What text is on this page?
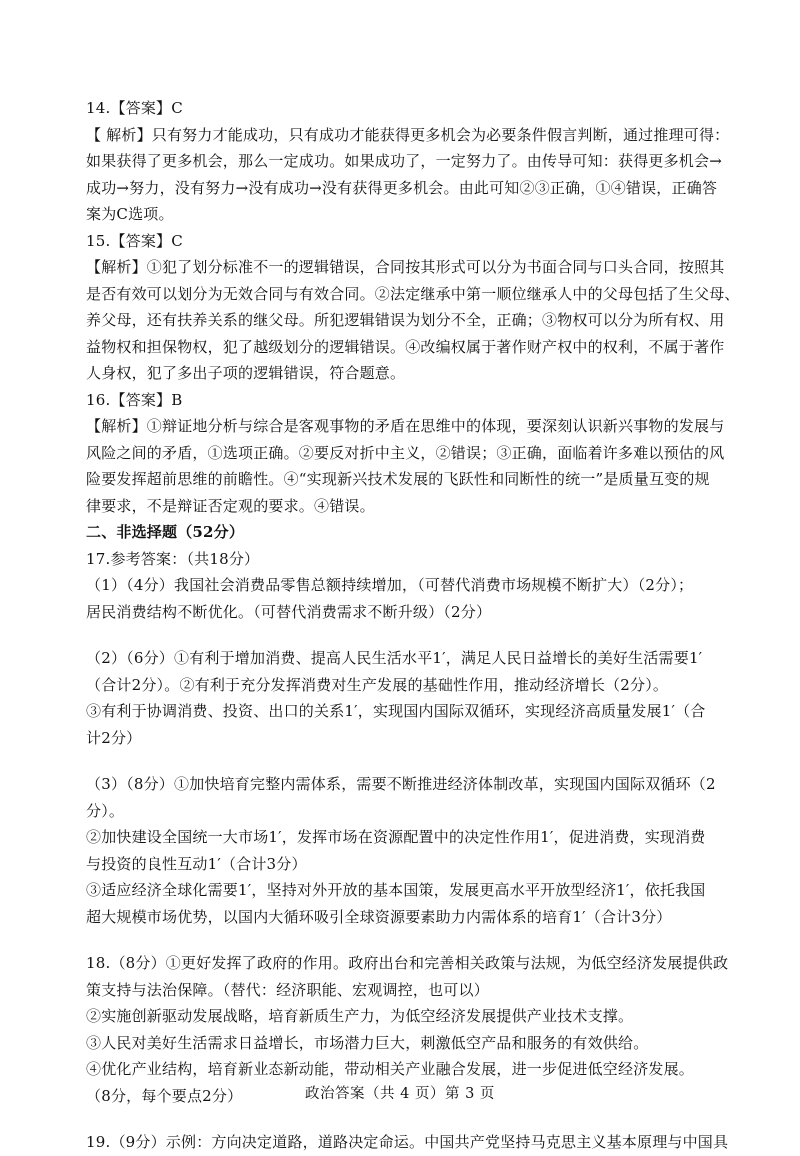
14.【答案】C
【 解析】只有努力才能成功，只有成功才能获得更多机会为必要条件假言判断，通过推理可得：
如果获得了更多机会，那么一定成功。如果成功了，一定努力了。由传导可知：获得更多机会→
成功→努力，没有努力→没有成功→没有获得更多机会。由此可知②③正确，①④错误，正确答
案为C选项。
15.【答案】C
【解析】①犯了划分标准不一的逻辑错误，合同按其形式可以分为书面合同与口头合同，按照其
是否有效可以划分为无效合同与有效合同。②法定继承中第一顺位继承人中的父母包括了生父母、
养父母，还有扶养关系的继父母。所犯逻辑错误为划分不全，正确；③物权可以分为所有权、用
益物权和担保物权，犯了越级划分的逻辑错误。④改编权属于著作财产权中的权利，不属于著作
人身权，犯了多出子项的逻辑错误，符合题意。
16.【答案】B
【解析】①辩证地分析与综合是客观事物的矛盾在思维中的体现，要深刻认识新兴事物的发展与
风险之间的矛盾，①选项正确。②要反对折中主义，②错误；③正确，面临着许多难以预估的风
险要发挥超前思维的前瞻性。④“实现新兴技术发展的飞跃性和同断性的统一”是质量互变的规
律要求，不是辩证否定观的要求。④错误。
二、非选择题（52分）
17.参考答案：（共18分）
（1）（4分）我国社会消费品零售总额持续增加，（可替代消费市场规模不断扩大）（2分）；
居民消费结构不断优化。（可替代消费需求不断升级）（2分）
（2）（6分）①有利于增加消费、提高人民生活水平1′，满足人民日益增长的美好生活需要1′
（合计2分）。②有利于充分发挥消费对生产发展的基础性作用，推动经济增长（2分）。
③有利于协调消费、投资、出口的关系1′，实现国内国际双循环，实现经济高质量发展1′（合
计2分）
（3）（8分）①加快培育完整内需体系，需要不断推进经济体制改革，实现国内国际双循环（2
分）。
②加快建设全国统一大市场1′，发挥市场在资源配置中的决定性作用1′，促进消费，实现消费
与投资的良性互动1′（合计3分）
③适应经济全球化需要1′，坚持对外开放的基本国策，发展更高水平开放型经济1′，依托我国
超大规模市场优势，以国内大循环吸引全球资源要素助力内需体系的培育1′（合计3分）
18.（8分）①更好发挥了政府的作用。政府出台和完善相关政策与法规，为低空经济发展提供政
策支持与法治保障。（替代：经济职能、宏观调控，也可以）
②实施创新驱动发展战略，培育新质生产力，为低空经济发展提供产业技术支撑。
③人民对美好生活需求日益增长，市场潜力巨大，刺激低空产品和服务的有效供给。
④优化产业结构，培育新业态新动能，带动相关产业融合发展，进一步促进低空经济发展。
（8分，每个要点2分）
19.（9分）示例：方向决定道路，道路决定命运。中国共产党坚持马克思主义基本原理与中国具
政治答案（共 4 页）第 3 页
